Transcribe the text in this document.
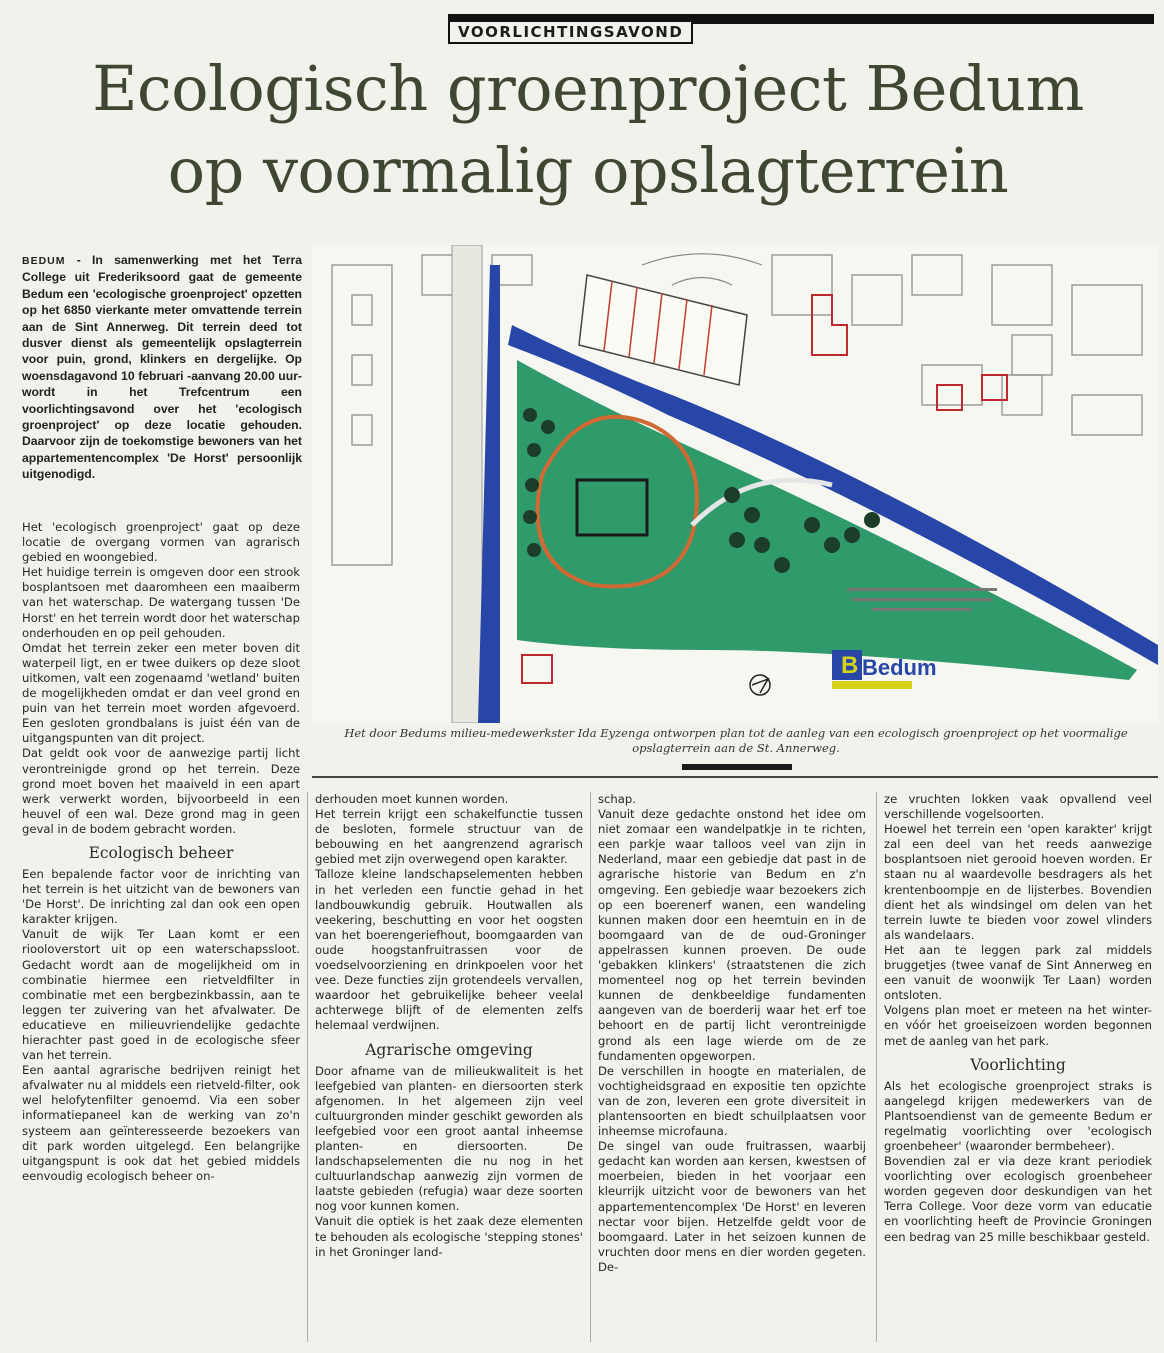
VOORLICHTINGSAVOND
Ecologisch groenproject Bedum
op voormalig opslagterrein
BEDUM - In samenwerking met het Terra College uit Frederiksoord gaat de gemeente Bedum een 'ecologische groenproject' opzetten op het 6850 vierkante meter omvattende terrein aan de Sint Annerweg. Dit terrein deed tot dusver dienst als gemeentelijk opslagterrein voor puin, grond, klinkers en dergelijke. Op woensdagavond 10 februari -aanvang 20.00 uur- wordt in het Trefcentrum een voorlichtingsavond over het 'ecologisch groenproject' op deze locatie gehouden. Daarvoor zijn de toekomstige bewoners van het appartementencomplex 'De Horst' persoonlijk uitgenodigd.

Het 'ecologisch groenproject' gaat op deze locatie de overgang vormen van agrarisch gebied en woongebied.

Het huidige terrein is omgeven door een strook bosplantsoen met daaromheen een maaiberm van het waterschap. De watergang tussen 'De Horst' en het terrein wordt door het waterschap onderhouden en op peil gehouden.

Omdat het terrein zeker een meter boven dit waterpeil ligt, en er twee duikers op deze sloot uitkomen, valt een zogenaamd 'wetland' buiten de mogelijkheden omdat er dan veel grond en puin van het terrein moet worden afgevoerd. Een gesloten grondbalans is juist één van de uitgangspunten van dit project.

Dat geldt ook voor de aanwezige partij licht verontreinigde grond op het terrein. Deze grond moet boven het maaiveld in een apart werk verwerkt worden, bijvoorbeeld in een heuvel of een wal. Deze grond mag in geen geval in de bodem gebracht worden.

Ecologisch beheer

Een bepalende factor voor de inrichting van het terrein is het uitzicht van de bewoners van 'De Horst'. De inrichting zal dan ook een open karakter krijgen.

Vanuit de wijk Ter Laan komt er een riooloverstort uit op een waterschapssloot. Gedacht wordt aan de mogelijkheid om in combinatie hiermee een rietveldfilter in combinatie met een bergbezinkbassin, aan te leggen ter zuivering van het afvalwater. De educatieve en milieuvriendelijke gedachte hierachter past goed in de ecologische sfeer van het terrein.

Een aantal agrarische bedrijven reinigt het afvalwater nu al middels een rietveld-filter, ook wel helofytenfilter genoemd. Via een sober informatiepaneel kan de werking van zo'n systeem aan geïnteresseerde bezoekers van dit park worden uitgelegd. Een belangrijke uitgangspunt is ook dat het gebied middels eenvoudig ecologisch beheer on-

B Bedum
Het door Bedums milieu-medewerkster Ida Eyzenga ontworpen plan tot de aanleg van een ecologisch groenproject op het voormalige opslagterrein aan de St. Annerweg.

derhouden moet kunnen worden.

Het terrein krijgt een schakelfunctie tussen de besloten, formele structuur van de bebouwing en het aangrenzend agrarisch gebied met zijn overwegend open karakter.

Talloze kleine landschapselementen hebben in het verleden een functie gehad in het landbouwkundig gebruik. Houtwallen als veekering, beschutting en voor het oogsten van het boerengeriefhout, boomgaarden van oude hoogstanfruitrassen voor de voedselvoorziening en drinkpoelen voor het vee. Deze functies zijn grotendeels vervallen, waardoor het gebruikelijke beheer veelal achterwege blijft of de elementen zelfs helemaal verdwijnen.

Agrarische omgeving

Door afname van de milieukwaliteit is het leefgebied van planten- en diersoorten sterk afgenomen. In het algemeen zijn veel cultuurgronden minder geschikt geworden als leefgebied voor een groot aantal inheemse planten- en diersoorten. De landschapselementen die nu nog in het cultuurlandschap aanwezig zijn vormen de laatste gebieden (refugia) waar deze soorten nog voor kunnen komen.

Vanuit die optiek is het zaak deze elementen te behouden als ecologische 'stepping stones' in het Groninger land-

schap.

Vanuit deze gedachte onstond het idee om niet zomaar een wandelpatkje in te richten, een parkje waar talloos veel van zijn in Nederland, maar een gebiedje dat past in de agrarische historie van Bedum en z'n omgeving. Een gebiedje waar bezoekers zich op een boerenerf wanen, een wandeling kunnen maken door een heemtuin en in de boomgaard van de de oud-Groninger appelrassen kunnen proeven. De oude 'gebakken klinkers' (straatstenen die zich momenteel nog op het terrein bevinden kunnen de denkbeeldige fundamenten aangeven van de boerderij waar het erf toe behoort en de partij licht verontreinigde grond als een lage wierde om de ze fundamenten opgeworpen.

De verschillen in hoogte en materialen, de vochtigheidsgraad en expositie ten opzichte van de zon, leveren een grote diversiteit in plantensoorten en biedt schuilplaatsen voor inheemse microfauna.

De singel van oude fruitrassen, waarbij gedacht kan worden aan kersen, kwestsen of moerbeien, bieden in het voorjaar een kleurrijk uitzicht voor de bewoners van het appartementencomplex 'De Horst' en leveren nectar voor bijen. Hetzelfde geldt voor de boomgaard. Later in het seizoen kunnen de vruchten door mens en dier worden gegeten. De-

ze vruchten lokken vaak opvallend veel verschillende vogelsoorten.

Hoewel het terrein een 'open karakter' krijgt zal een deel van het reeds aanwezige bosplantsoen niet gerooid hoeven worden. Er staan nu al waardevolle besdragers als het krentenboompje en de lijsterbes. Bovendien dient het als windsingel om delen van het terrein luwte te bieden voor zowel vlinders als wandelaars.

Het aan te leggen park zal middels bruggetjes (twee vanaf de Sint Annerweg en een vanuit de woonwijk Ter Laan) worden ontsloten.

Volgens plan moet er meteen na het winter- en vóór het groeiseizoen worden begonnen met de aanleg van het park.

Voorlichting

Als het ecologische groenproject straks is aangelegd krijgen medewerkers van de Plantsoendienst van de gemeente Bedum er regelmatig voorlichting over 'ecologisch groenbeheer' (waaronder bermbeheer).

Bovendien zal er via deze krant periodiek voorlichting over ecologisch groenbeheer worden gegeven door deskundigen van het Terra College. Voor deze vorm van educatie en voorlichting heeft de Provincie Groningen een bedrag van 25 mille beschikbaar gesteld.
